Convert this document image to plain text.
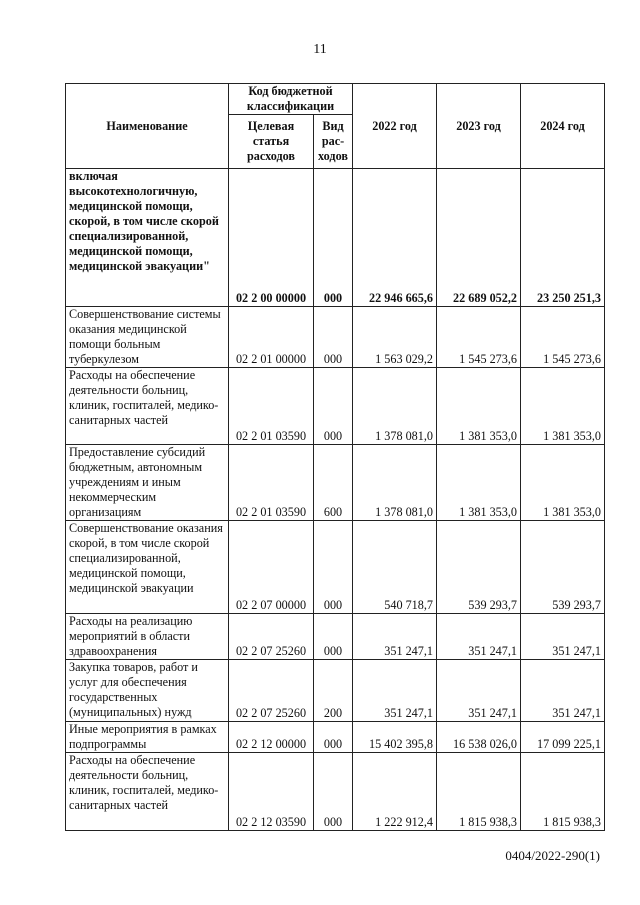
11
Наименование	Код бюджетной классификации		2022 год	2023 год	2024 год
	Целевая статья расходов	Вид рас-ходов			
включая высокотехнологичную, медицинской помощи, скорой, в том числе скорой специализированной, медицинской помощи, медицинской эвакуации"	02 2 00 00000	000	22 946 665,6	22 689 052,2	23 250 251,3
Совершенствование системы оказания медицинской помощи больным туберкулезом	02 2 01 00000	000	1 563 029,2	1 545 273,6	1 545 273,6
Расходы на обеспечение деятельности больниц, клиник, госпиталей, медико-санитарных частей	02 2 01 03590	000	1 378 081,0	1 381 353,0	1 381 353,0
Предоставление субсидий бюджетным, автономным учреждениям и иным некоммерческим организациям	02 2 01 03590	600	1 378 081,0	1 381 353,0	1 381 353,0
Совершенствование оказания скорой, в том числе скорой специализированной, медицинской помощи, медицинской эвакуации	02 2 07 00000	000	540 718,7	539 293,7	539 293,7
Расходы на реализацию мероприятий в области здравоохранения	02 2 07 25260	000	351 247,1	351 247,1	351 247,1
Закупка товаров, работ и услуг для обеспечения государственных (муниципальных) нужд	02 2 07 25260	200	351 247,1	351 247,1	351 247,1
Иные мероприятия в рамках подпрограммы	02 2 12 00000	000	15 402 395,8	16 538 026,0	17 099 225,1
Расходы на обеспечение деятельности больниц, клиник, госпиталей, медико-санитарных частей	02 2 12 03590	000	1 222 912,4	1 815 938,3	1 815 938,3
0404/2022-290(1)
